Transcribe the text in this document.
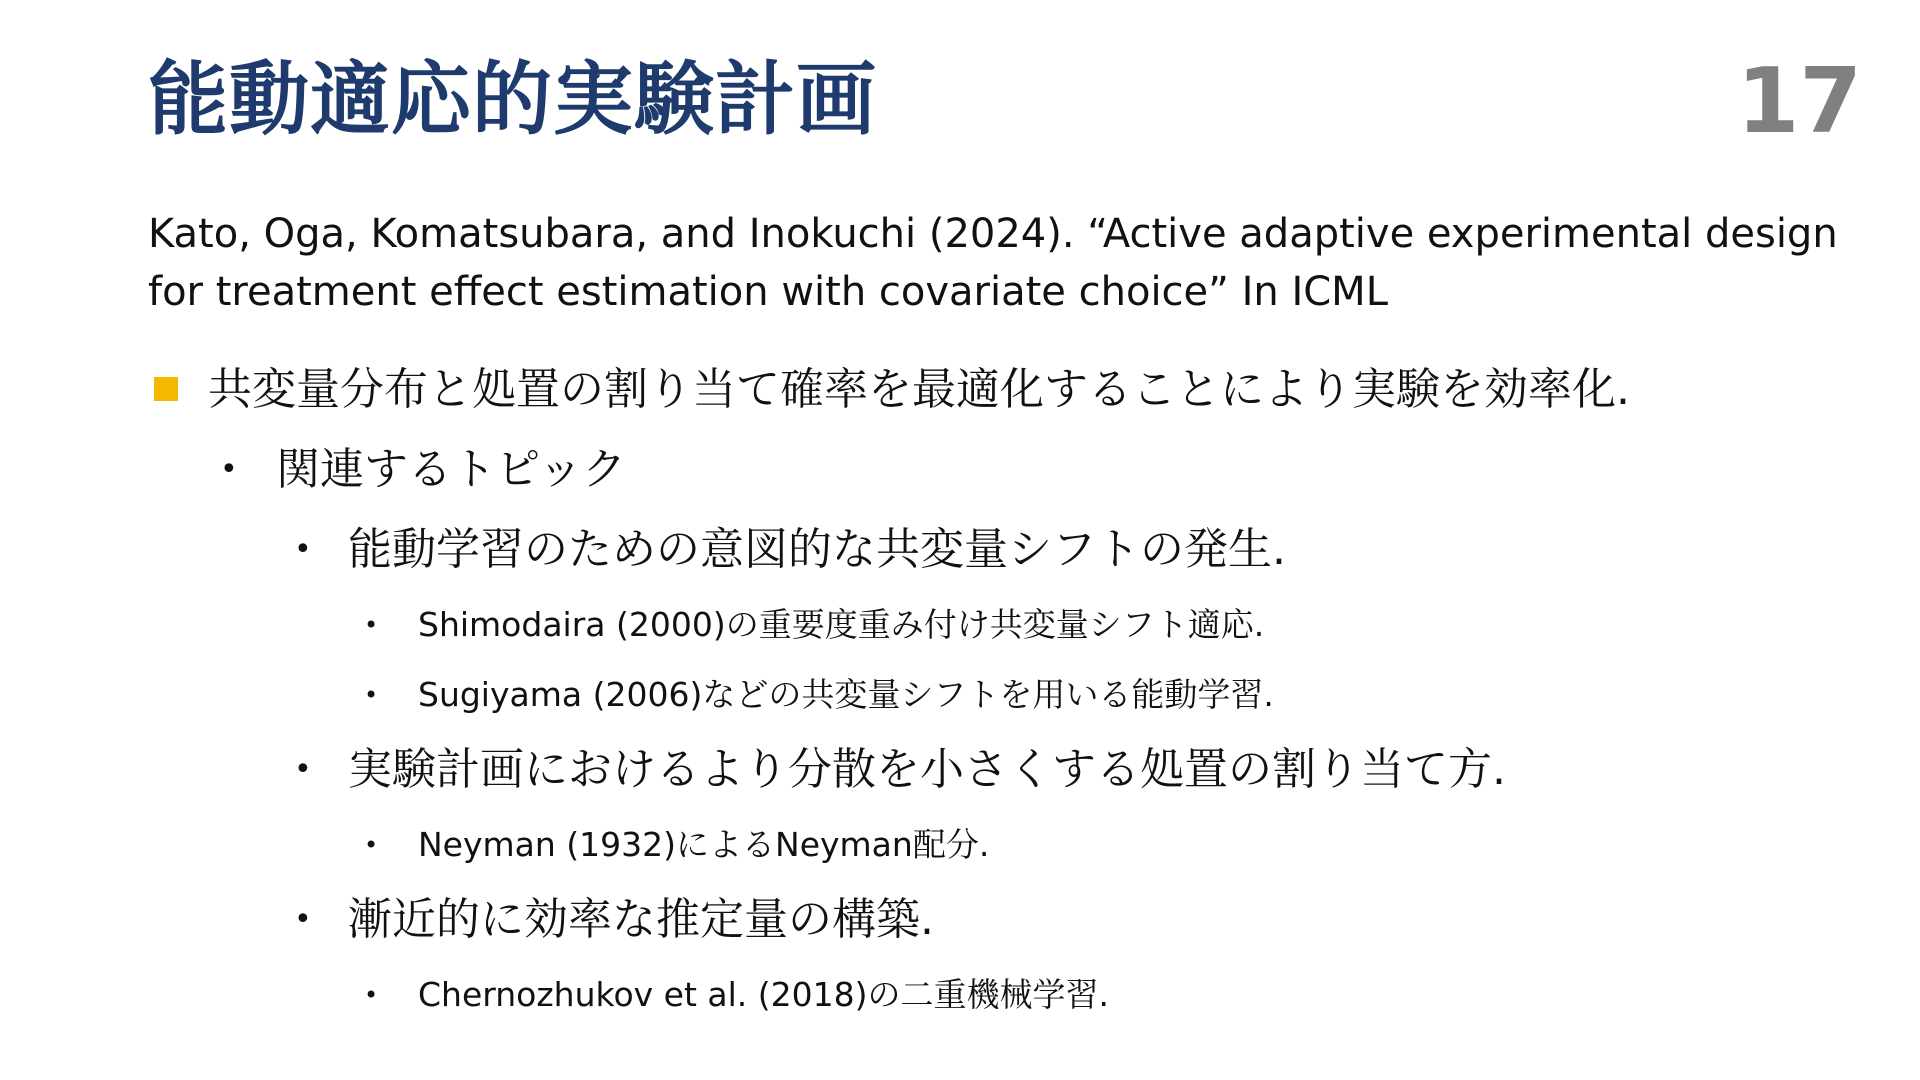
能動適応的実験計画	17
Kato, Oga, Komatsubara, and Inokuchi (2024). “Active adaptive experimental design
for treatment effect estimation with covariate choice” In ICML
共変量分布と処置の割り当て確率を最適化することにより実験を効率化.
• 関連するトピック
• 能動学習のための意図的な共変量シフトの発生.
• Shimodaira (2000)の重要度重み付け共変量シフト適応.
• Sugiyama (2006)などの共変量シフトを用いる能動学習.
• 実験計画におけるより分散を小さくする処置の割り当て方.
• Neyman (1932)によるNeyman配分.
• 漸近的に効率な推定量の構築.
• Chernozhukov et al. (2018)の二重機械学習.
